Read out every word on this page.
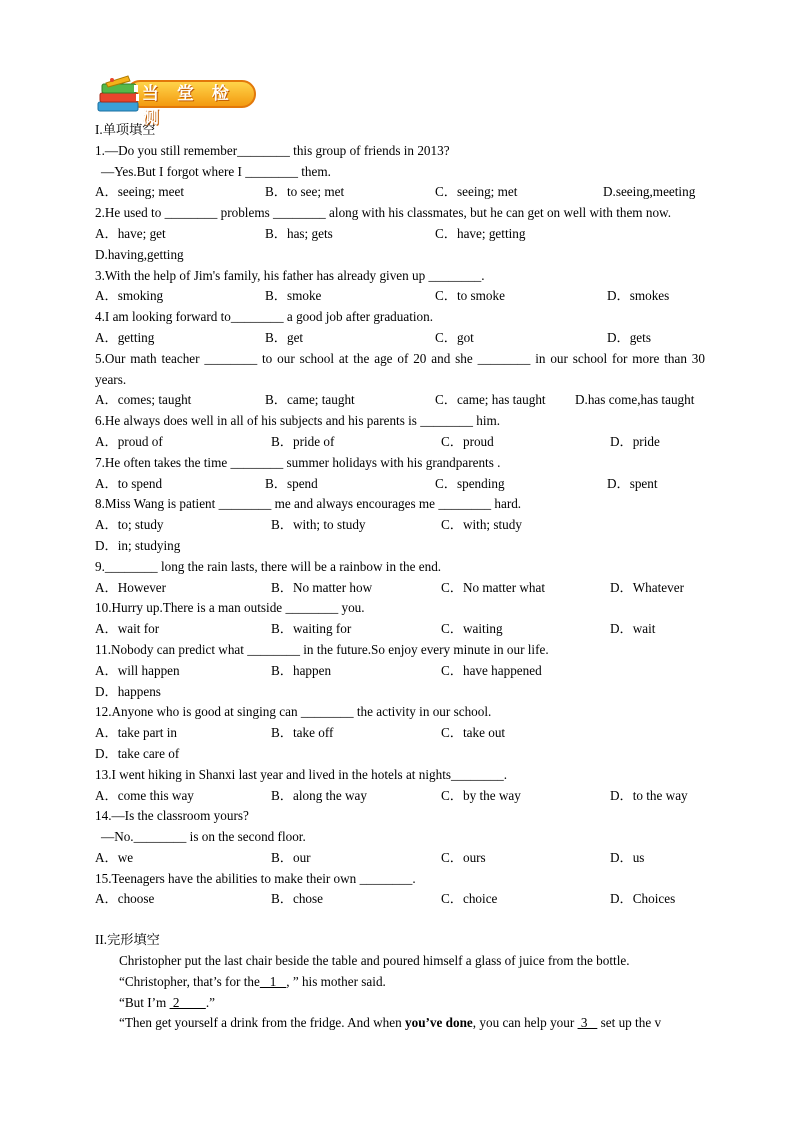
当 堂 检 测
I.单项填空
1.—Do you still remember________ this group of friends in 2013?
—Yes.But I forgot where I ________ them.
A．seeing; meet	B．to see; met	C．seeing; met	D.seeing,meeting
2.He used to ________ problems ________ along with his classmates, but he can get on well with them now.
A．have; get	B．has; gets	C．have; getting
D.having,getting
3.With the help of Jim's family, his father has already given up ________.
A．smoking	B．smoke	C．to smoke	D．smokes
4.I am looking forward to________ a good job after graduation.
A．getting	B．get	C．got	D．gets
5.Our math teacher ________ to our school at the age of 20 and she ________ in our school for more than 30 years.
A．comes; taught	B．came; taught	C．came; has taught D.has come,has taught
6.He always does well in all of his subjects and his parents is ________ him.
A．proud of	B．pride of	C．proud	D．pride
7.He often takes the time ________ summer holidays with his grandparents .
A．to spend	B．spend	C．spending	D．spent
8.Miss Wang is patient ________ me and always encourages me ________ hard.
A．to; study	B．with; to study	C．with; study
D．in; studying
9.________ long the rain lasts, there will be a rainbow in the end.
A．However	B．No matter how	C．No matter what	D．Whatever
10.Hurry up.There is a man outside ________ you.
A．wait for	B．waiting for	C．waiting	D．wait
11.Nobody can predict what ________ in the future.So enjoy every minute in our life.
A．will happen	B．happen	C．have happened
D．happens
12.Anyone who is good at singing can ________ the activity in our school.
A．take part in	B．take off	C．take out
D．take care of
13.I went hiking in Shanxi last year and lived in the hotels at nights________.
A．come this way	B．along the way	C．by the way	D．to the way
14.—Is the classroom yours?
—No.________ is on the second floor.
A．we	B．our	C．ours	D．us
15.Teenagers have the abilities to make their own ________.
A．choose	B．chose	C．choice	D．Choices
II.完形填空
Christopher put the last chair beside the table and poured himself a glass of juice from the bottle.
“Christopher, that’s for the   1   , ” his mother said.
“But I’m  2        .”
“Then get yourself a drink from the fridge. And when you’ve done, you can help your  3    set up the v
